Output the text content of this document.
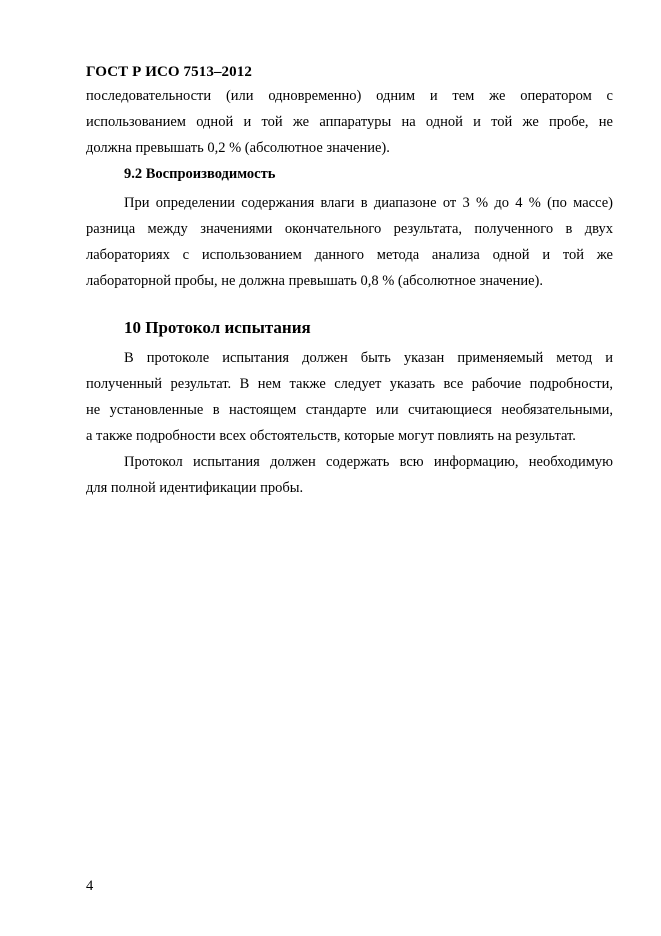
ГОСТ Р ИСО 7513–2012
последовательности (или одновременно) одним и тем же оператором с
использованием одной и той же аппаратуры на одной и той же пробе, не
должна превышать 0,2 % (абсолютное значение).
9.2 Воспроизводимость
При определении содержания влаги в диапазоне от 3 % до 4 % (по массе)
разница между значениями окончательного результата, полученного в двух
лабораториях с использованием данного метода анализа одной и той же
лабораторной пробы, не должна превышать 0,8 % (абсолютное значение).
10 Протокол испытания
В протоколе испытания должен быть указан применяемый метод и
полученный результат. В нем также следует указать все рабочие подробности,
не установленные в настоящем стандарте или считающиеся необязательными,
а также подробности всех обстоятельств, которые могут повлиять на результат.
Протокол испытания должен содержать всю информацию, необходимую
для полной идентификации пробы.
4
